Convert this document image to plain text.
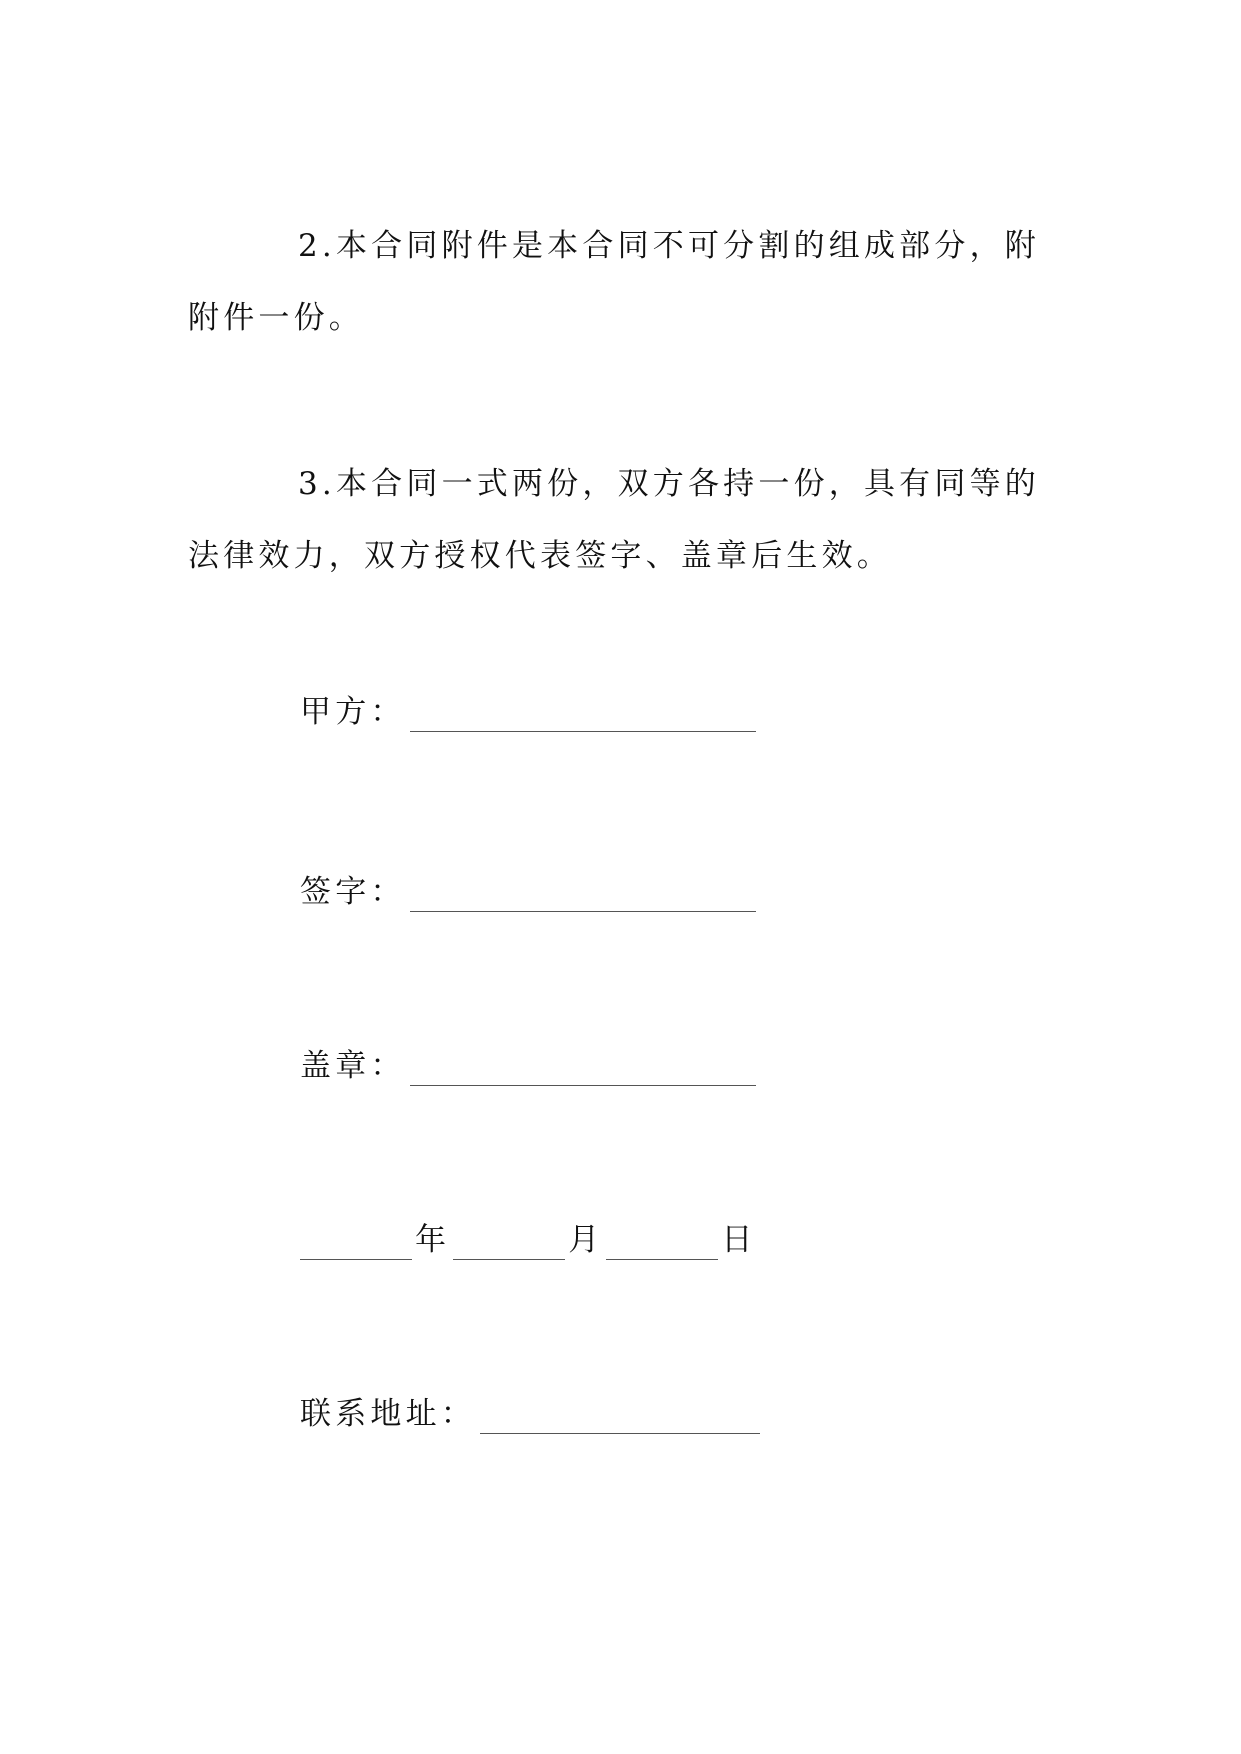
2.本合同附件是本合同不可分割的组成部分，附附件一份。

3.本合同一式两份，双方各持一份，具有同等的法律效力，双方授权代表签字、盖章后生效。

甲方：
签字：
盖章：
年	月	日
联系地址：
